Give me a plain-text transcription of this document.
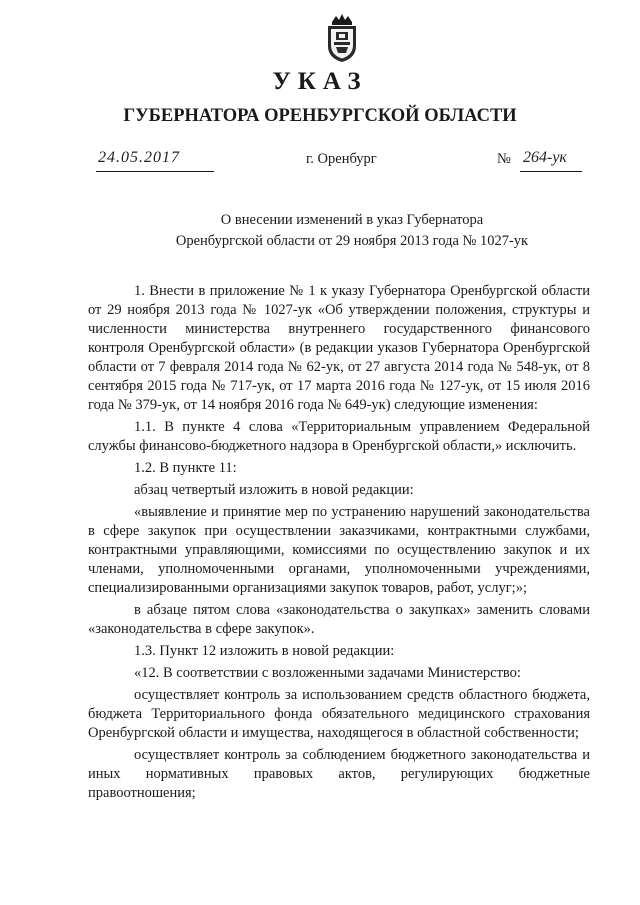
УКАЗ
ГУБЕРНАТОРА ОРЕНБУРГСКОЙ ОБЛАСТИ
24.05.2017	г. Оренбург	№ 264-ук
О внесении изменений в указ Губернатора
Оренбургской области от 29 ноября 2013 года № 1027-ук

1. Внести в приложение № 1 к указу Губернатора Оренбургской области от 29 ноября 2013 года № 1027-ук «Об утверждении положения, структуры и численности министерства внутреннего государственного финансового контроля Оренбургской области» (в редакции указов Губернатора Оренбургской области от 7 февраля 2014 года № 62-ук, от 27 августа 2014 года № 548-ук, от 8 сентября 2015 года № 717-ук, от 17 марта 2016 года № 127-ук, от 15 июля 2016 года № 379-ук, от 14 ноября 2016 года № 649-ук) следующие изменения:

1.1. В пункте 4 слова «Территориальным управлением Федеральной службы финансово-бюджетного надзора в Оренбургской области,» исключить.

1.2. В пункте 11:

абзац четвертый изложить в новой редакции:

«выявление и принятие мер по устранению нарушений законодательства в сфере закупок при осуществлении заказчиками, контрактными службами, контрактными управляющими, комиссиями по осуществлению закупок и их членами, уполномоченными органами, уполномоченными учреждениями, специализированными организациями закупок товаров, работ, услуг;»;

в абзаце пятом слова «законодательства о закупках» заменить словами «законодательства в сфере закупок».

1.3. Пункт 12 изложить в новой редакции:

«12. В соответствии с возложенными задачами Министерство:

осуществляет контроль за использованием средств областного бюджета, бюджета Территориального фонда обязательного медицинского страхования Оренбургской области и имущества, находящегося в областной собственности;

осуществляет контроль за соблюдением бюджетного законодательства и иных нормативных правовых актов, регулирующих бюджетные правоотношения;
